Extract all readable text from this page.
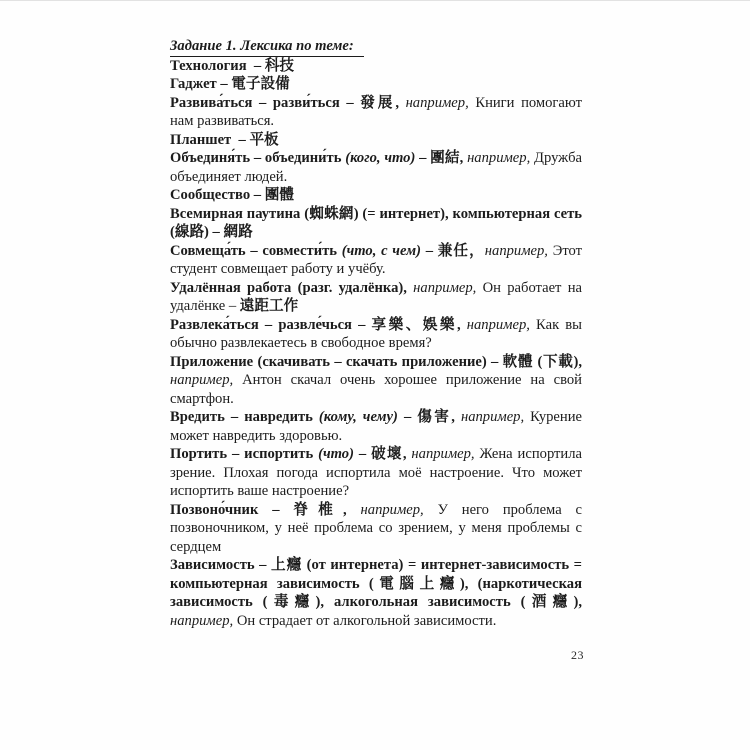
Задание 1. Лексика по теме:

Технология  – 科技

Гаджет – 電子設備

Развива́ться – разви́ться – 發展, например, Книги помогают нам развиваться.

Планшет  – 平板

Объединя́ть – объедини́ть (кого, что) – 團結, например, Дружба объединяет людей.

Сообщество – 團體

Всемирная паутина (蜘蛛網) (= интернет), компьютерная сеть (線路) – 網路

Совмеща́ть – совмести́ть (что, с чем) – 兼任，например, Этот студент совмещает работу и учёбу.

Удалённая работа (разг. удалёнка), например, Он работает на удалёнке – 遠距工作

Развлека́ться – развле́чься – 享樂、娛樂, например, Как вы обычно развлекаетесь в свободное время?

Приложение (скачивать – скачать приложение) – 軟體 (下載), например, Антон скачал очень хорошее приложение на свой смартфон.

Вредить – навредить (кому, чему) – 傷害, например, Курение может навредить здоровью.

Портить – испортить (что) – 破壞, например, Жена испортила зрение. Плохая погода испортила моё настроение. Что может испортить ваше настроение?

Позвоно́чник – 脊椎, например, У него проблема с позвоночником, у неё проблема со зрением, у меня проблемы с сердцем

Зависимость – 上癮 (от интернета) = интернет-зависимость = компьютерная зависимость (電腦上癮), (наркотическая зависимость (毒癮), алкогольная зависимость (酒癮), например, Он страдает от алкогольной зависимости.

23
